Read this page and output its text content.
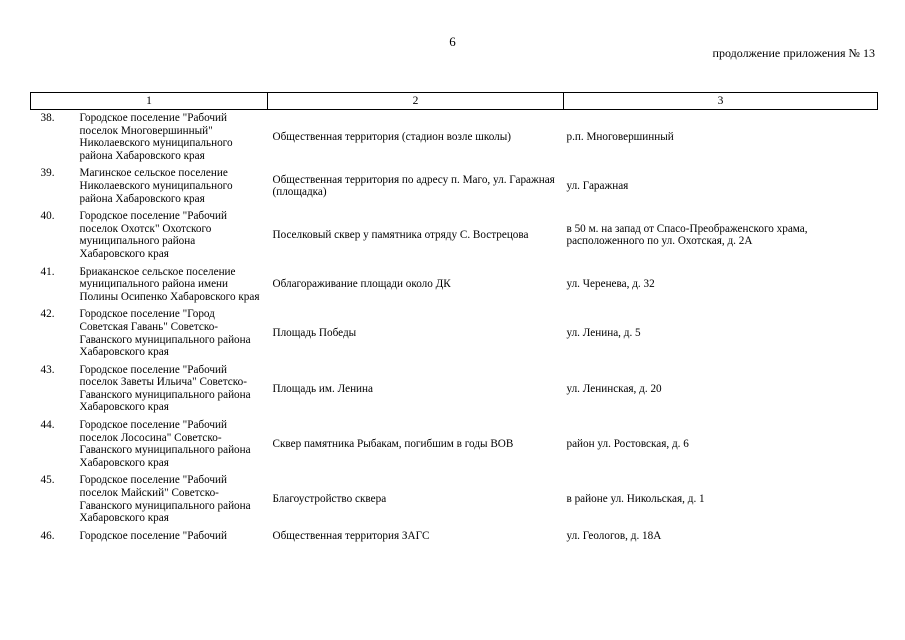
6
продолжение приложения № 13
1		2	3

38.	Городское поселение "Рабочий поселок Многовершинный" Николаевского муниципального района Хабаровского края	Общественная территория (стадион возле школы)	р.п. Многовершинный

39.	Магинское сельское поселение Николаевского муниципального района Хабаровского края	Общественная территория по адресу п. Маго, ул. Гаражная (площадка)	ул. Гаражная

40.	Городское поселение "Рабочий поселок Охотск" Охотского муниципального района Хабаровского края	Поселковый сквер у памятника отряду С. Вострецова	в 50 м. на запад от Спасо-Преображенского храма, расположенного по ул. Охотская, д. 2А

41.	Бриаканское сельское поселение муниципального района имени Полины Осипенко Хабаровского края	Облагораживание площади около ДК	ул. Черенева, д. 32

42.	Городское поселение "Город Советская Гавань" Советско-Гаванского муниципального района Хабаровского края	Площадь Победы	ул. Ленина, д. 5

43.	Городское поселение "Рабочий поселок Заветы Ильича" Советско-Гаванского муниципального района Хабаровского края	Площадь им. Ленина	ул. Ленинская, д. 20

44.	Городское поселение "Рабочий поселок Лососина" Советско-Гаванского муниципального района Хабаровского края	Сквер памятника Рыбакам, погибшим в годы ВОВ	район ул. Ростовская, д. 6

45.	Городское поселение "Рабочий поселок Майский" Советско-Гаванского муниципального района Хабаровского края	Благоустройство сквера	в районе ул. Никольская, д. 1

46.	Городское поселение "Рабочий	Общественная территория ЗАГС	ул. Геологов, д. 18А
